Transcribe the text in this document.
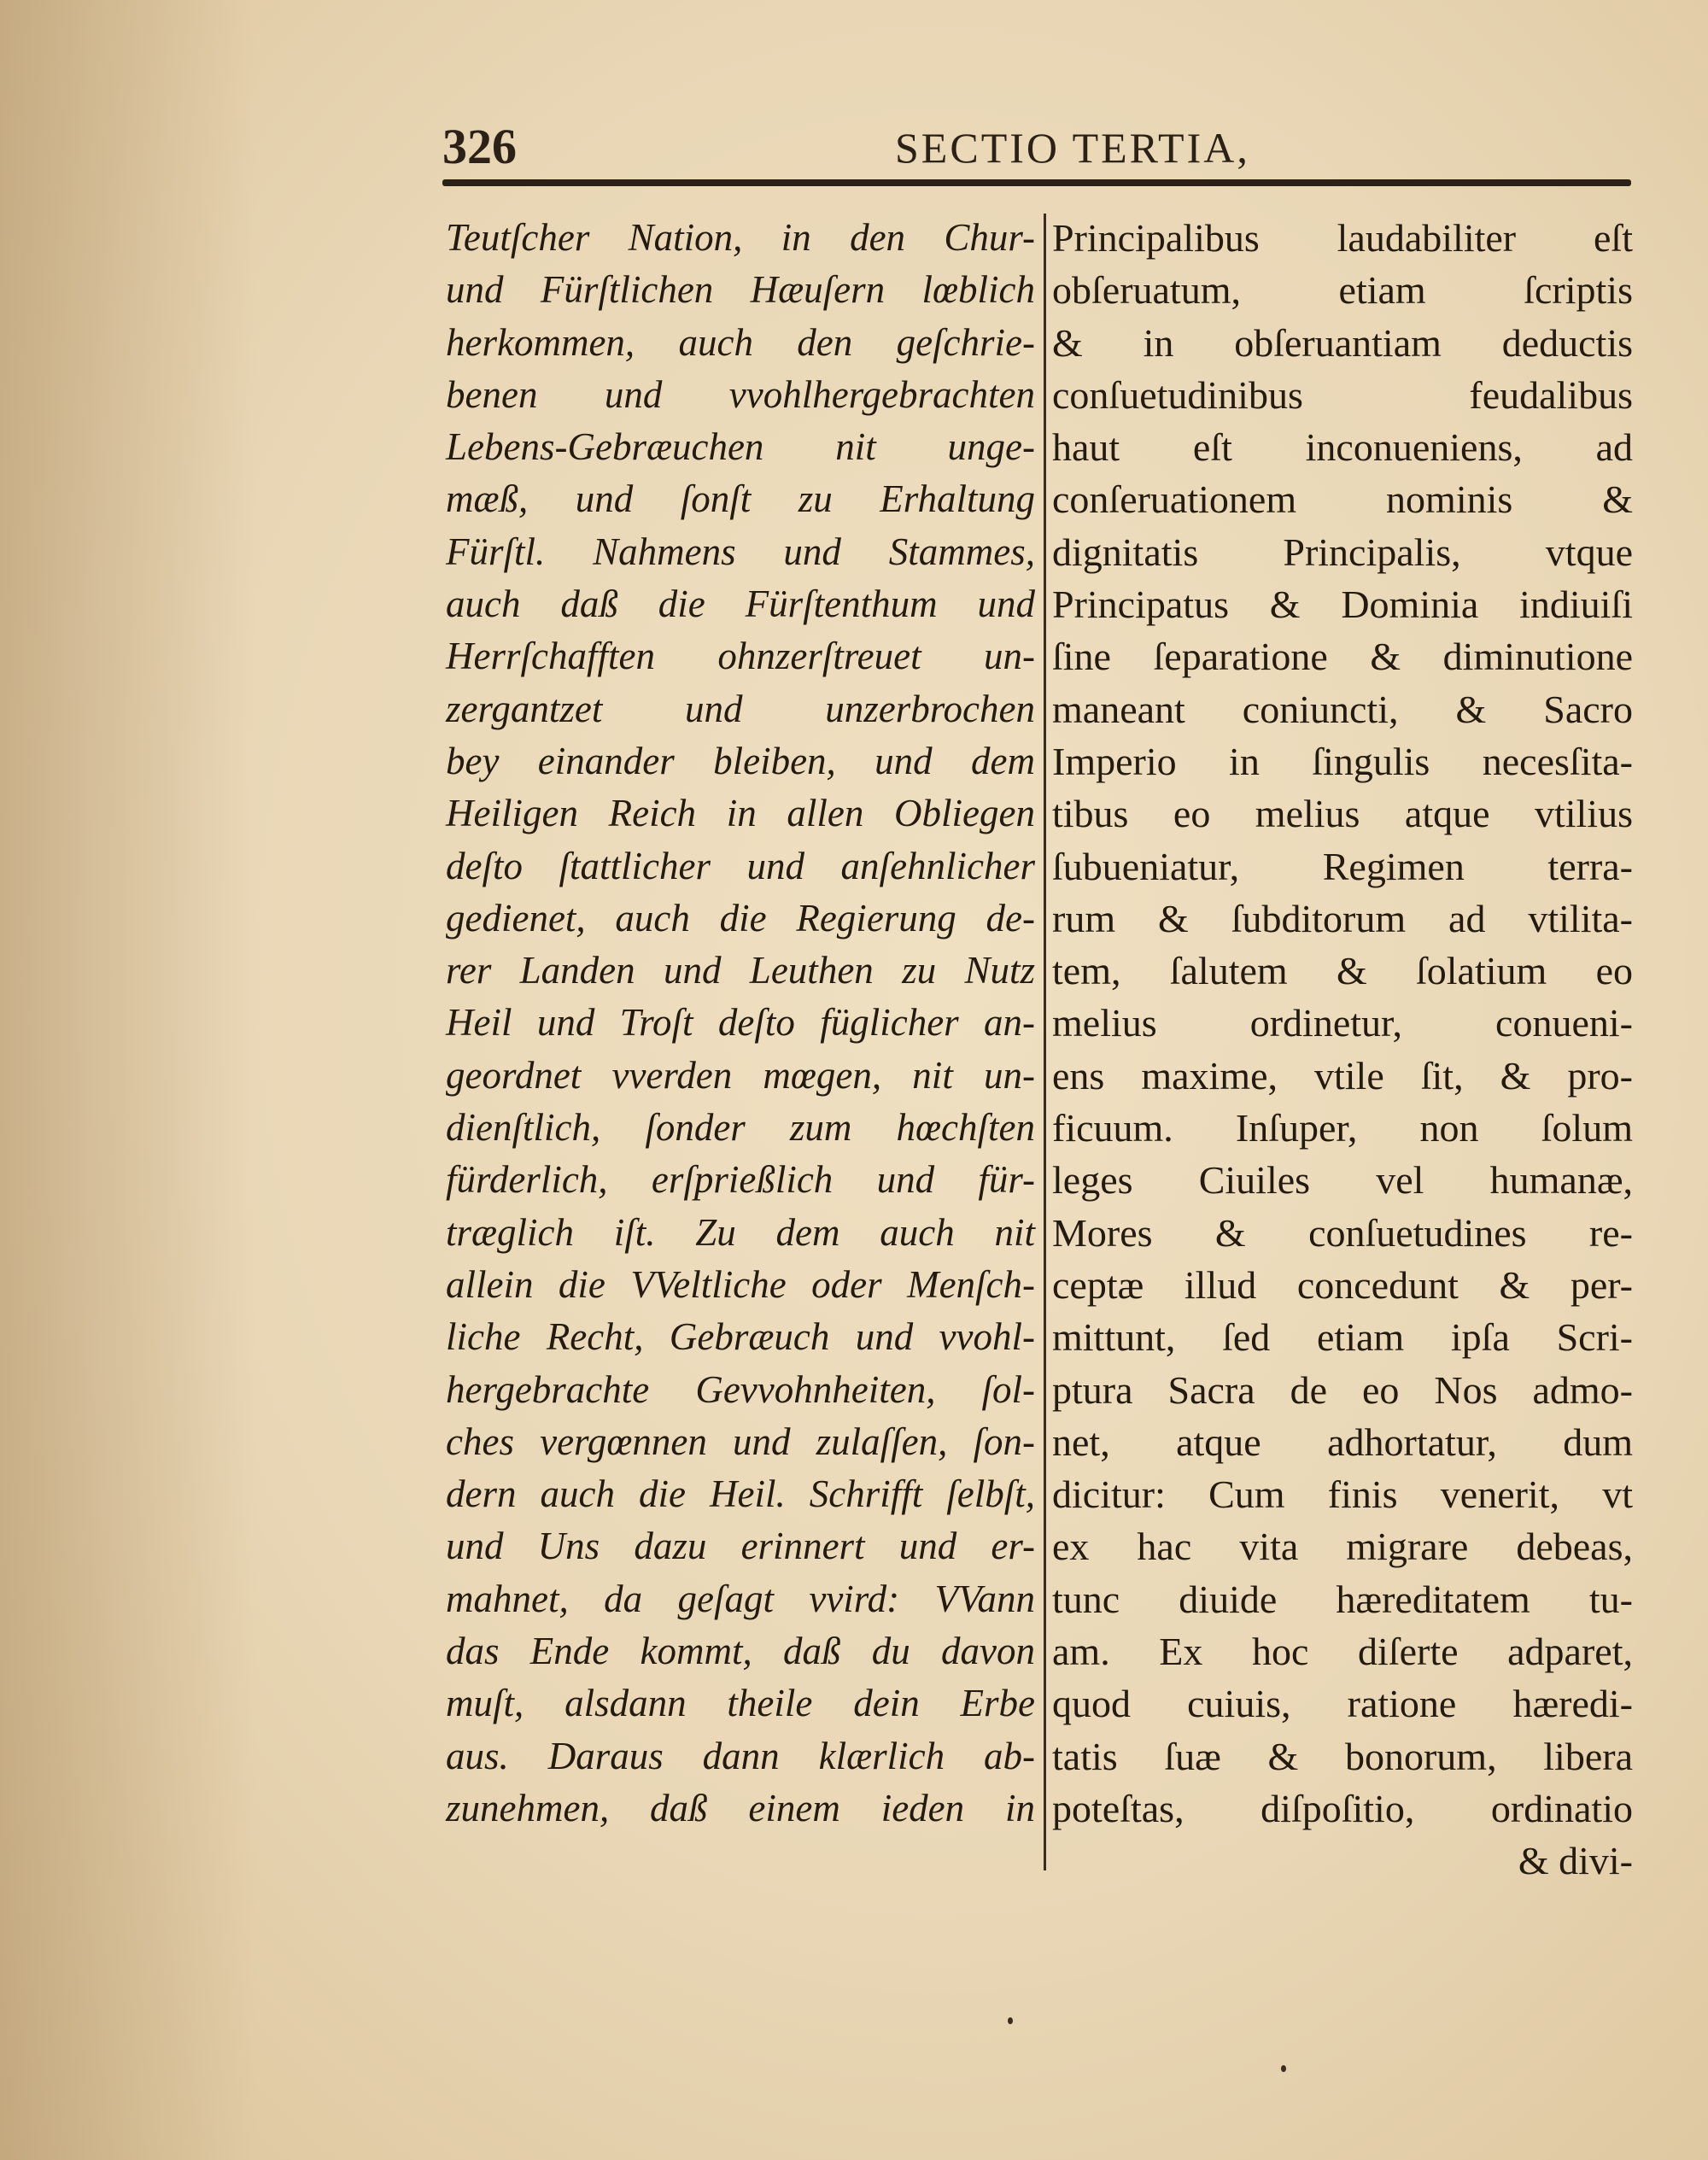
326	SECTIO TERTIA,
Teutſcher Nation, in den Chur-
und Fürſtlichen Hæuſern lœblich
herkommen, auch den geſchrie-
benen und vvohlhergebrachten
Lebens-Gebræuchen nit unge-
mæß, und ſonſt zu Erhaltung
Fürſtl. Nahmens und Stammes,
auch daß die Fürſtenthum und
Herrſchafften ohnzerſtreuet un-
zergantzet und unzerbrochen
bey einander bleiben, und dem
Heiligen Reich in allen Obliegen
deſto ſtattlicher und anſehnlicher
gedienet, auch die Regierung de-
rer Landen und Leuthen zu Nutz
Heil und Troſt deſto füglicher an-
geordnet vverden mœgen, nit un-
dienſtlich, ſonder zum hœchſten
fürderlich, erſprießlich und für-
træglich iſt. Zu dem auch nit
allein die VVeltliche oder Menſch-
liche Recht, Gebræuch und vvohl-
hergebrachte Gevvohnheiten, ſol-
ches vergœnnen und zulaſſen, ſon-
dern auch die Heil. Schrifft ſelbſt,
und Uns dazu erinnert und er-
mahnet, da geſagt vvird: VVann
das Ende kommt, daß du davon
muſt, alsdann theile dein Erbe
aus. Daraus dann klærlich ab-
zunehmen, daß einem ieden in
Principalibus laudabiliter eſt
obſeruatum, etiam ſcriptis
& in obſeruantiam deductis
conſuetudinibus feudalibus
haut eſt inconueniens, ad
conſeruationem nominis &
dignitatis Principalis, vtque
Principatus & Dominia indiuiſi
ſine ſeparatione & diminutione
maneant coniuncti, & Sacro
Imperio in ſingulis necesſita-
tibus eo melius atque vtilius
ſubueniatur, Regimen terra-
rum & ſubditorum ad vtilita-
tem, ſalutem & ſolatium eo
melius ordinetur, conueni-
ens maxime, vtile ſit, & pro-
ficuum. Inſuper, non ſolum
leges Ciuiles vel humanæ,
Mores & conſuetudines re-
ceptæ illud concedunt & per-
mittunt, ſed etiam ipſa Scri-
ptura Sacra de eo Nos admo-
net, atque adhortatur, dum
dicitur: Cum finis venerit, vt
ex hac vita migrare debeas,
tunc diuide hæreditatem tu-
am. Ex hoc diſerte adparet,
quod cuiuis, ratione hæredi-
tatis ſuæ & bonorum, libera
poteſtas, diſpoſitio, ordinatio
& divi-
